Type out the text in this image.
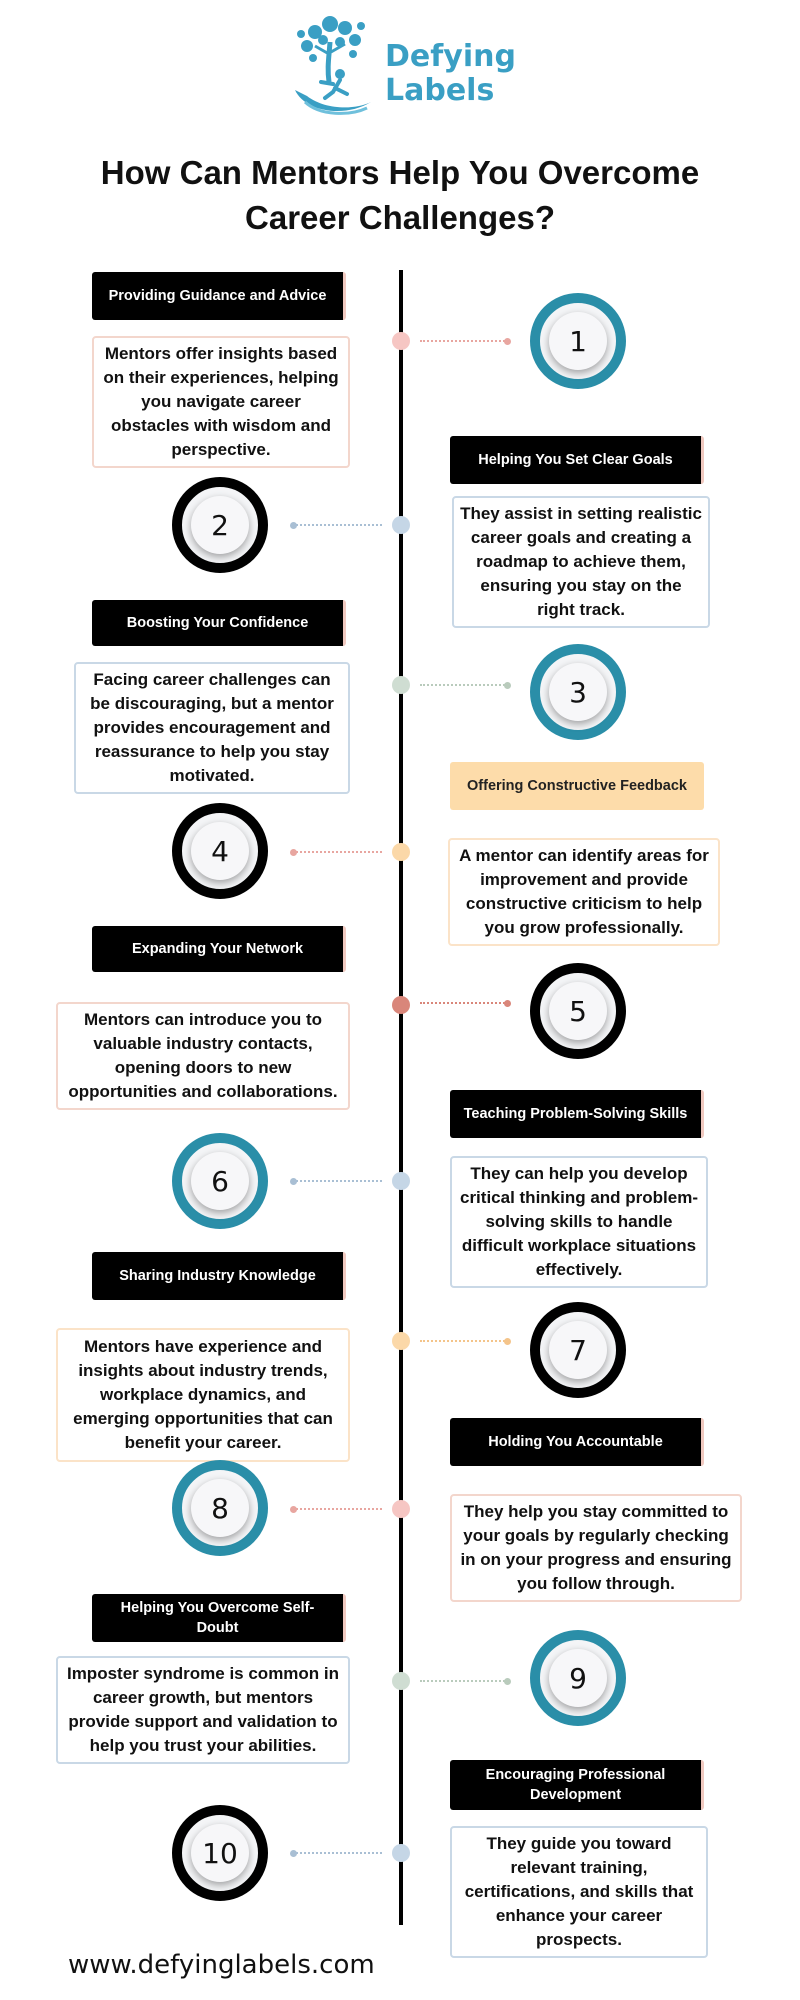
Defying
Labels
How Can Mentors Help You Overcome
Career Challenges?
Providing Guidance and Advice
Mentors offer insights based on their experiences, helping you navigate career obstacles with wisdom and perspective.
1
Helping You Set Clear Goals
They assist in setting realistic career goals and creating a roadmap to achieve them, ensuring you stay on the right track.
2
Boosting Your Confidence
Facing career challenges can be discouraging, but a mentor provides encouragement and reassurance to help you stay motivated.
3
Offering Constructive Feedback
A mentor can identify areas for improvement and provide constructive criticism to help you grow professionally.
4
Expanding Your Network
Mentors can introduce you to valuable industry contacts, opening doors to new opportunities and collaborations.
5
Teaching Problem-Solving Skills
They can help you develop critical thinking and problem-solving skills to handle difficult workplace situations effectively.
6
Sharing Industry Knowledge
Mentors have experience and insights about industry trends, workplace dynamics, and emerging opportunities that can benefit your career.
7
Holding You Accountable
They help you stay committed to your goals by regularly checking in on your progress and ensuring you follow through.
8
Helping You Overcome Self-Doubt
Imposter syndrome is common in career growth, but mentors provide support and validation to help you trust your abilities.
9
Encouraging Professional Development
They guide you toward relevant training, certifications, and skills that enhance your career prospects.
10
www.defyinglabels.com
